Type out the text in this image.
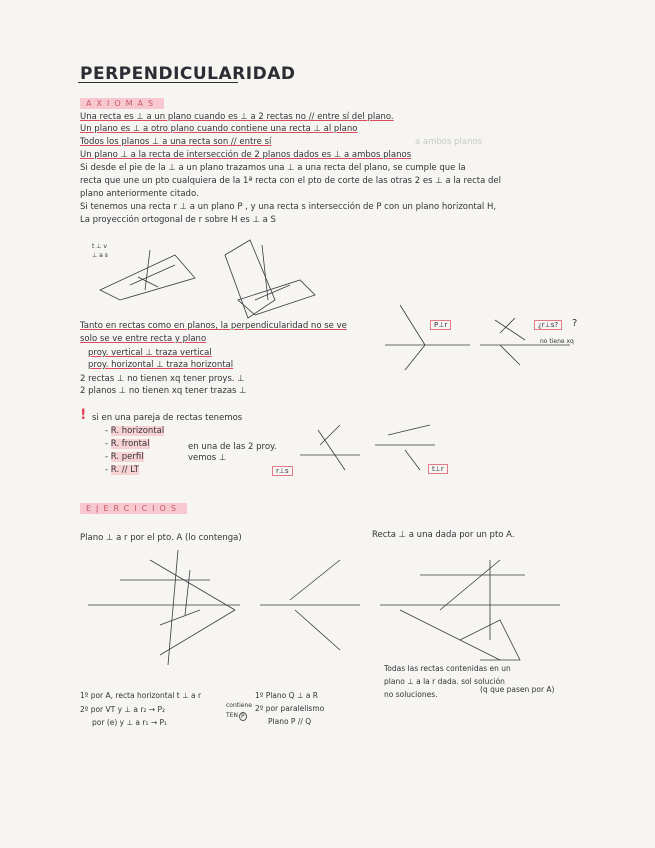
PERPENDICULARIDAD
AXIOMAS
Una recta es ⊥ a un plano cuando es ⊥ a 2 rectas no // entre sí del plano.
Un plano es ⊥ a otro plano cuando contiene una recta ⊥ al plano
Todos los planos ⊥ a una recta son // entre sí
Un plano ⊥ a la recta de intersección de 2 planos dados es ⊥ a ambos planos
Si desde el pie de la ⊥ a un plano trazamos una ⊥ a una recta del plano, se cumple que la
recta que une un pto cualquiera de la 1ª recta con el pto de corte de las otras 2 es ⊥ a la recta del
plano anteriormente citado.
Si tenemos una recta r ⊥ a un plano P , y una recta s intersección de P con un plano horizontal H,
La proyección ortogonal de r sobre H es ⊥ a S
a ambos planos
t ⊥ v
⊥ a s
Tanto en rectas como en planos, la perpendicularidad no se ve
solo se ve entre recta y plano
proy. vertical ⊥ traza vertical
proy. horizontal ⊥ traza horizontal
2 rectas ⊥ no tienen xq tener proys. ⊥
2 planos ⊥ no tienen xq tener trazas ⊥
P⊥r	¿r⊥s?	?
no tiene xq
! si en una pareja de rectas tenemos
- R. horizontal
- R. frontal
- R. perfil
- R. // LT
en una de las 2 proy.
vemos ⊥
r⊥s	t⊥r
EJERCICIOS
Plano ⊥ a r por el pto. A (lo contenga)	Recta ⊥ a una dada por un pto A.
1º por A, recta horizontal t ⊥ a r
2º por VT y ⊥ a r₂ → P₂
por (e) y ⊥ a r₁ → P₁
contiene
TEN P
1º Plano Q ⊥ a R
2º por paralelismo
Plano P // Q
Todas las rectas contenidas en un
plano ⊥ a la r dada. sol solución
no soluciones.
(q que pasen por A)
